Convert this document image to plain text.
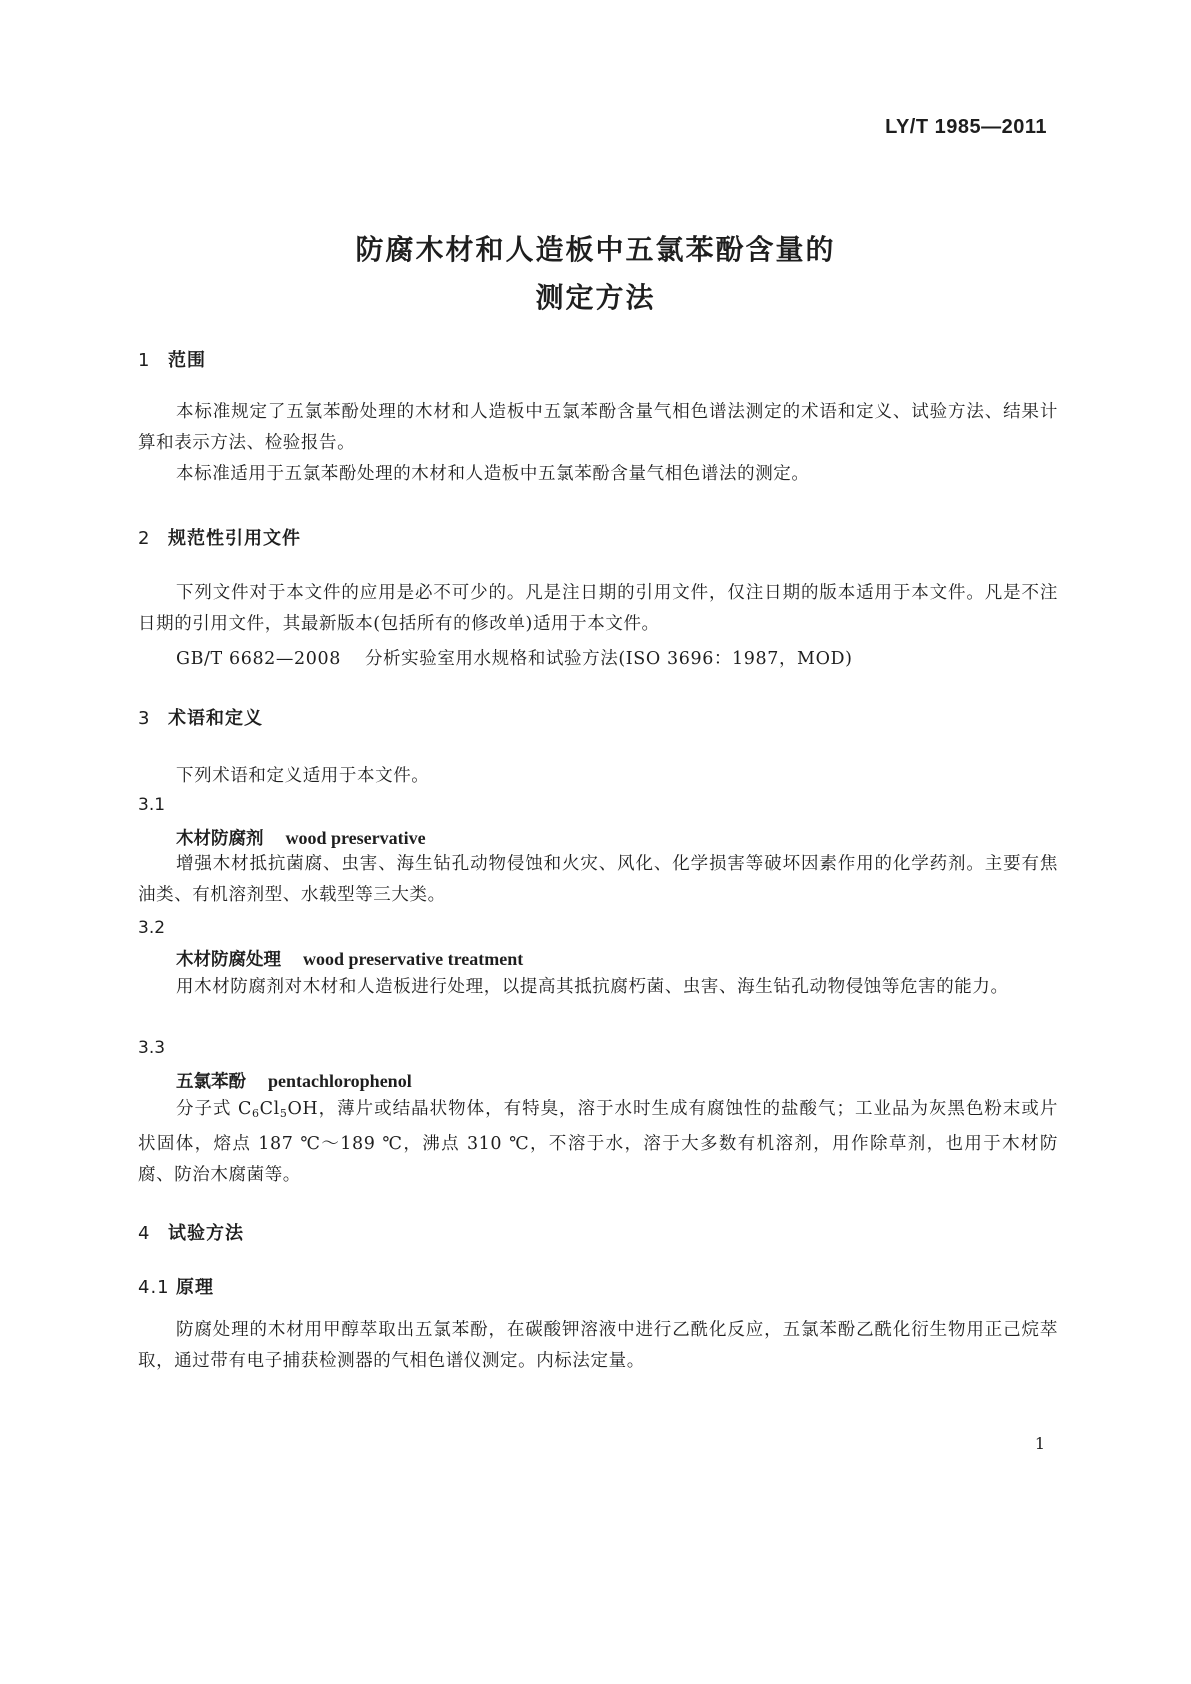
LY/T 1985—2011
防腐木材和人造板中五氯苯酚含量的
测定方法
1 范围
本标准规定了五氯苯酚处理的木材和人造板中五氯苯酚含量气相色谱法测定的术语和定义、试验方法、结果计算和表示方法、检验报告。
本标准适用于五氯苯酚处理的木材和人造板中五氯苯酚含量气相色谱法的测定。
2 规范性引用文件
下列文件对于本文件的应用是必不可少的。凡是注日期的引用文件，仅注日期的版本适用于本文件。凡是不注日期的引用文件，其最新版本(包括所有的修改单)适用于本文件。
GB/T 6682—2008 分析实验室用水规格和试验方法(ISO 3696：1987，MOD)
3 术语和定义
下列术语和定义适用于本文件。
3.1
木材防腐剂 wood preservative
增强木材抵抗菌腐、虫害、海生钻孔动物侵蚀和火灾、风化、化学损害等破坏因素作用的化学药剂。主要有焦油类、有机溶剂型、水载型等三大类。
3.2
木材防腐处理 wood preservative treatment
用木材防腐剂对木材和人造板进行处理，以提高其抵抗腐朽菌、虫害、海生钻孔动物侵蚀等危害的能力。
3.3
五氯苯酚 pentachlorophenol
分子式 $C_6Cl_5OH$，薄片或结晶状物体，有特臭，溶于水时生成有腐蚀性的盐酸气；工业品为灰黑色粉末或片状固体，熔点 187 ℃～189 ℃，沸点 310 ℃，不溶于水，溶于大多数有机溶剂，用作除草剂，也用于木材防腐、防治木腐菌等。
4 试验方法
4.1 原理
防腐处理的木材用甲醇萃取出五氯苯酚，在碳酸钾溶液中进行乙酰化反应，五氯苯酚乙酰化衍生物用正己烷萃取，通过带有电子捕获检测器的气相色谱仪测定。内标法定量。
1
